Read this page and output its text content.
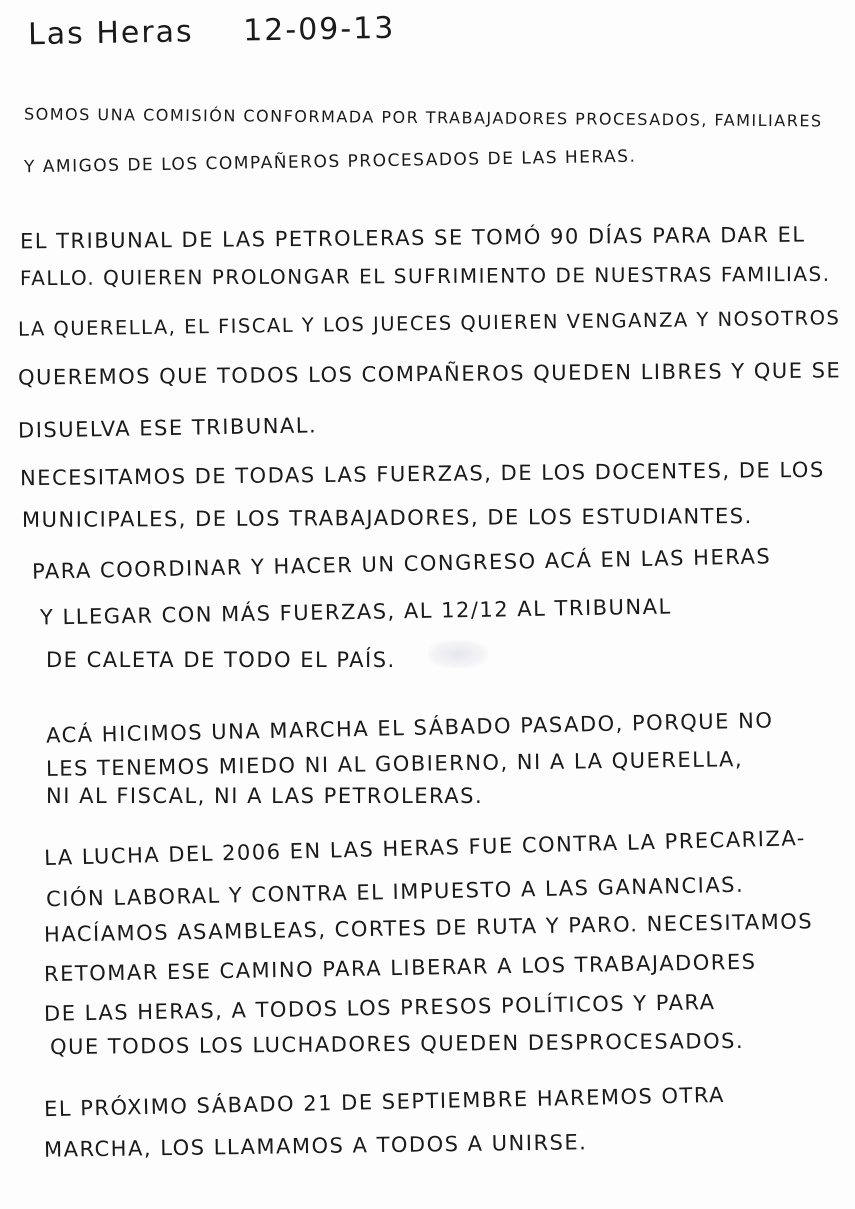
Las Heras 12-09-13
SOMOS UNA COMISIÓN CONFORMADA POR TRABAJADORES PROCESADOS, FAMILIARES
Y AMIGOS DE LOS COMPAÑEROS PROCESADOS DE LAS HERAS.
EL TRIBUNAL DE LAS PETROLERAS SE TOMÓ 90 DÍAS PARA DAR EL
FALLO. QUIEREN PROLONGAR EL SUFRIMIENTO DE NUESTRAS FAMILIAS.
LA QUERELLA, EL FISCAL Y LOS JUECES QUIEREN VENGANZA Y NOSOTROS
QUEREMOS QUE TODOS LOS COMPAÑEROS QUEDEN LIBRES Y QUE SE
DISUELVA ESE TRIBUNAL.
NECESITAMOS DE TODAS LAS FUERZAS, DE LOS DOCENTES, DE LOS
MUNICIPALES, DE LOS TRABAJADORES, DE LOS ESTUDIANTES.
PARA COORDINAR Y HACER UN CONGRESO ACÁ EN LAS HERAS
Y LLEGAR CON MÁS FUERZAS, AL 12/12 AL TRIBUNAL
DE CALETA DE TODO EL PAÍS.
ACÁ HICIMOS UNA MARCHA EL SÁBADO PASADO, PORQUE NO
LES TENEMOS MIEDO NI AL GOBIERNO, NI A LA QUERELLA,
NI AL FISCAL, NI A LAS PETROLERAS.
LA LUCHA DEL 2006 EN LAS HERAS FUE CONTRA LA PRECARIZA-
CIÓN LABORAL Y CONTRA EL IMPUESTO A LAS GANANCIAS.
HACÍAMOS ASAMBLEAS, CORTES DE RUTA Y PARO. NECESITAMOS
RETOMAR ESE CAMINO PARA LIBERAR A LOS TRABAJADORES
DE LAS HERAS, A TODOS LOS PRESOS POLÍTICOS Y PARA
QUE TODOS LOS LUCHADORES QUEDEN DESPROCESADOS.
EL PRÓXIMO SÁBADO 21 DE SEPTIEMBRE HAREMOS OTRA
MARCHA, LOS LLAMAMOS A TODOS A UNIRSE.
